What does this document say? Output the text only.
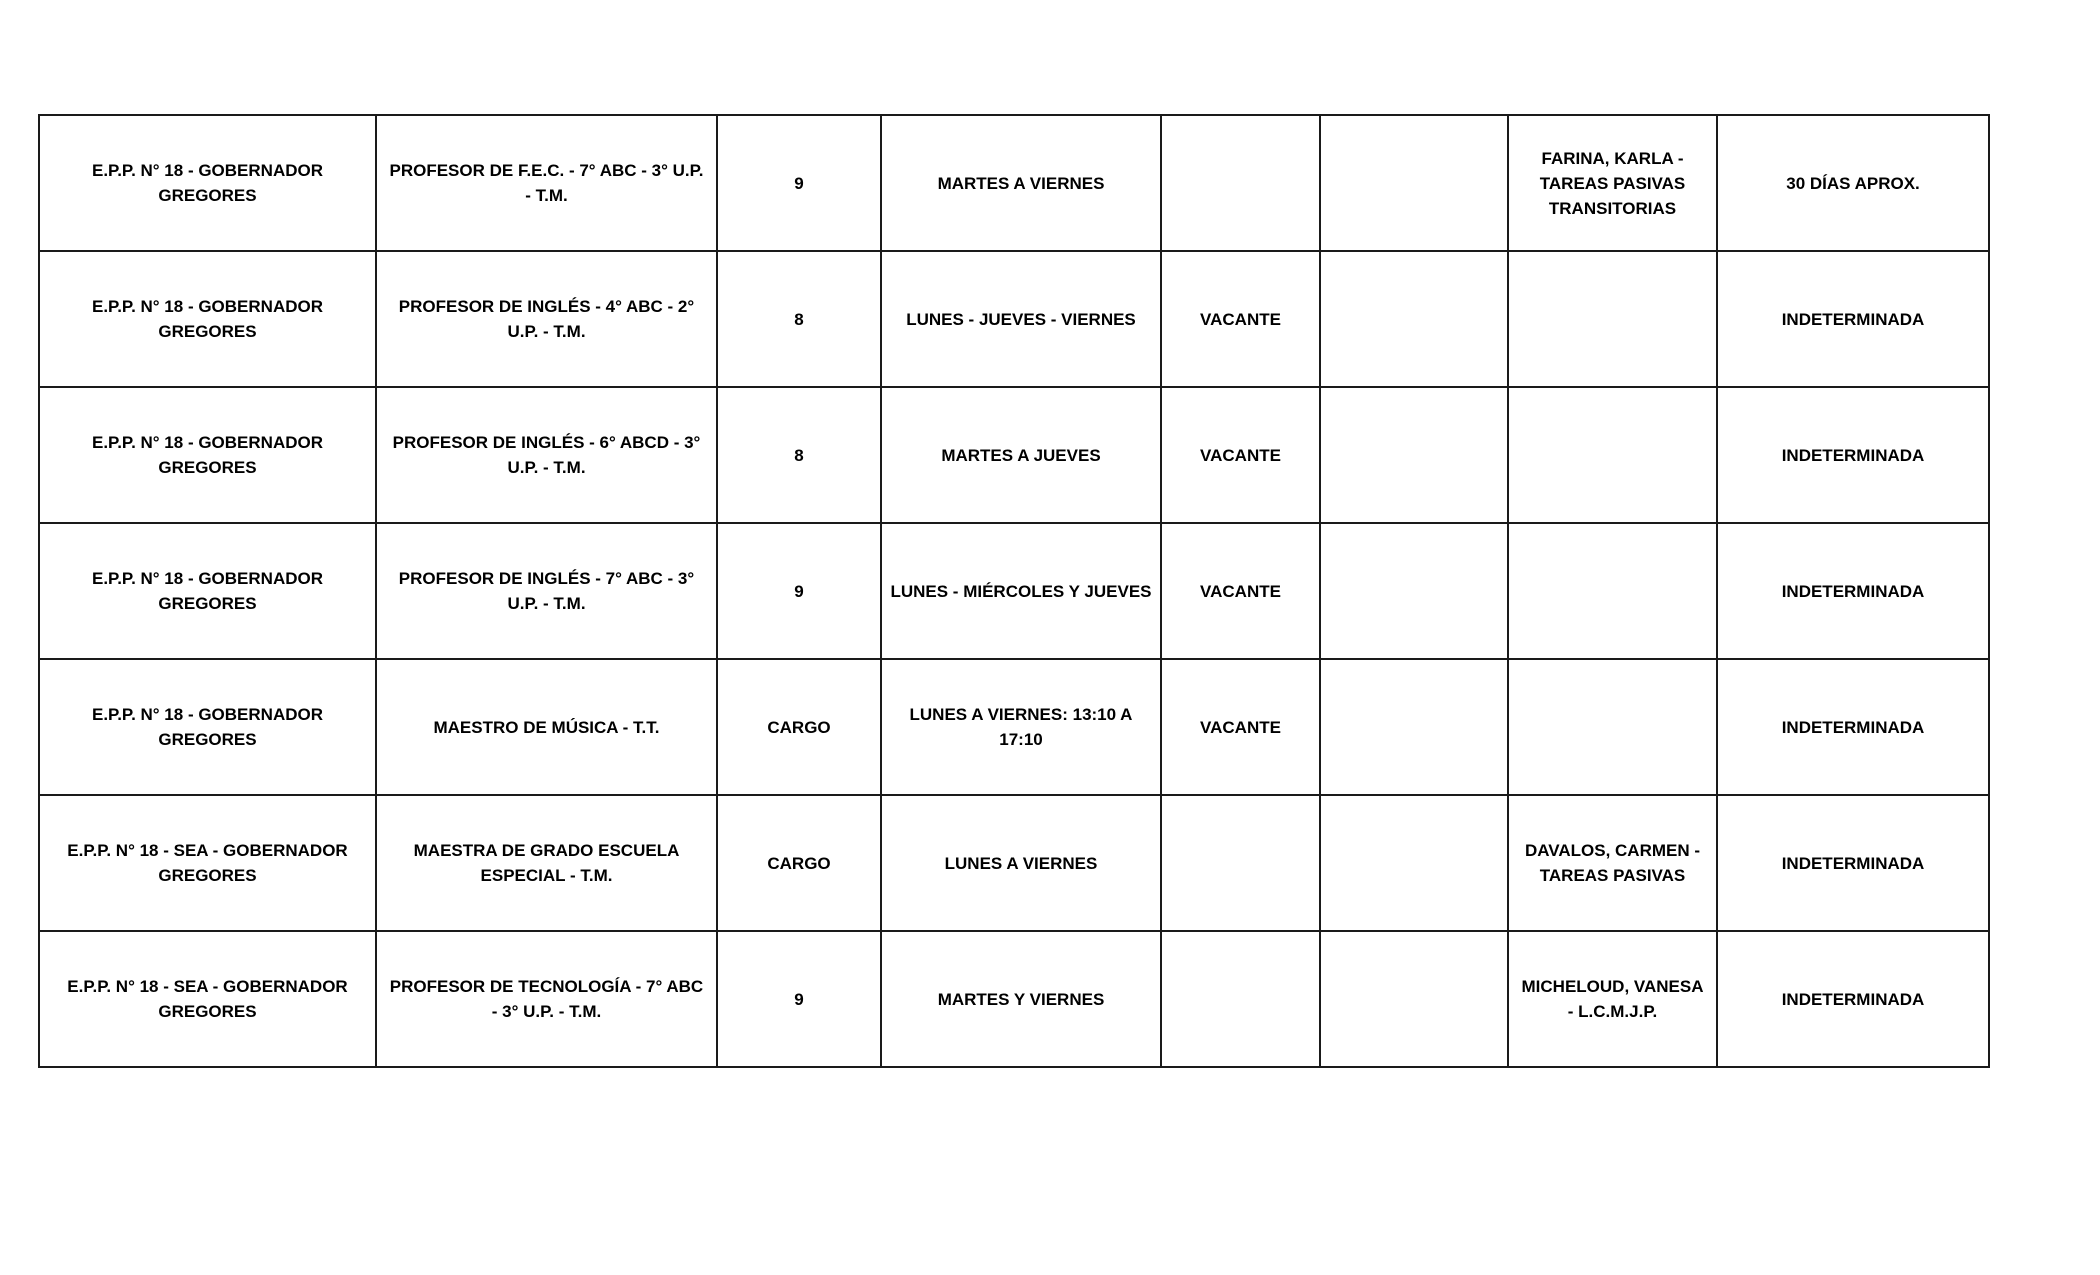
E.P.P. N° 18 - GOBERNADOR GREGORES	PROFESOR DE F.E.C. - 7° ABC - 3° U.P. - T.M.	9	MARTES A VIERNES			FARINA, KARLA - TAREAS PASIVAS TRANSITORIAS	30 DÍAS APROX.
E.P.P. N° 18 - GOBERNADOR GREGORES	PROFESOR DE INGLÉS - 4° ABC - 2° U.P. - T.M.	8	LUNES - JUEVES - VIERNES	VACANTE			INDETERMINADA
E.P.P. N° 18 - GOBERNADOR GREGORES	PROFESOR DE INGLÉS - 6° ABCD - 3° U.P. - T.M.	8	MARTES A JUEVES	VACANTE			INDETERMINADA
E.P.P. N° 18 - GOBERNADOR GREGORES	PROFESOR DE INGLÉS - 7° ABC - 3° U.P. - T.M.	9	LUNES - MIÉRCOLES Y JUEVES	VACANTE			INDETERMINADA
E.P.P. N° 18 - GOBERNADOR GREGORES	MAESTRO DE MÚSICA - T.T.	CARGO	LUNES A VIERNES: 13:10 A 17:10	VACANTE			INDETERMINADA
E.P.P. N° 18 - SEA - GOBERNADOR GREGORES	MAESTRA DE GRADO ESCUELA ESPECIAL - T.M.	CARGO	LUNES A VIERNES			DAVALOS, CARMEN - TAREAS PASIVAS	INDETERMINADA
E.P.P. N° 18 - SEA - GOBERNADOR GREGORES	PROFESOR DE TECNOLOGÍA - 7° ABC - 3° U.P. - T.M.	9	MARTES Y VIERNES			MICHELOUD, VANESA - L.C.M.J.P.	INDETERMINADA
